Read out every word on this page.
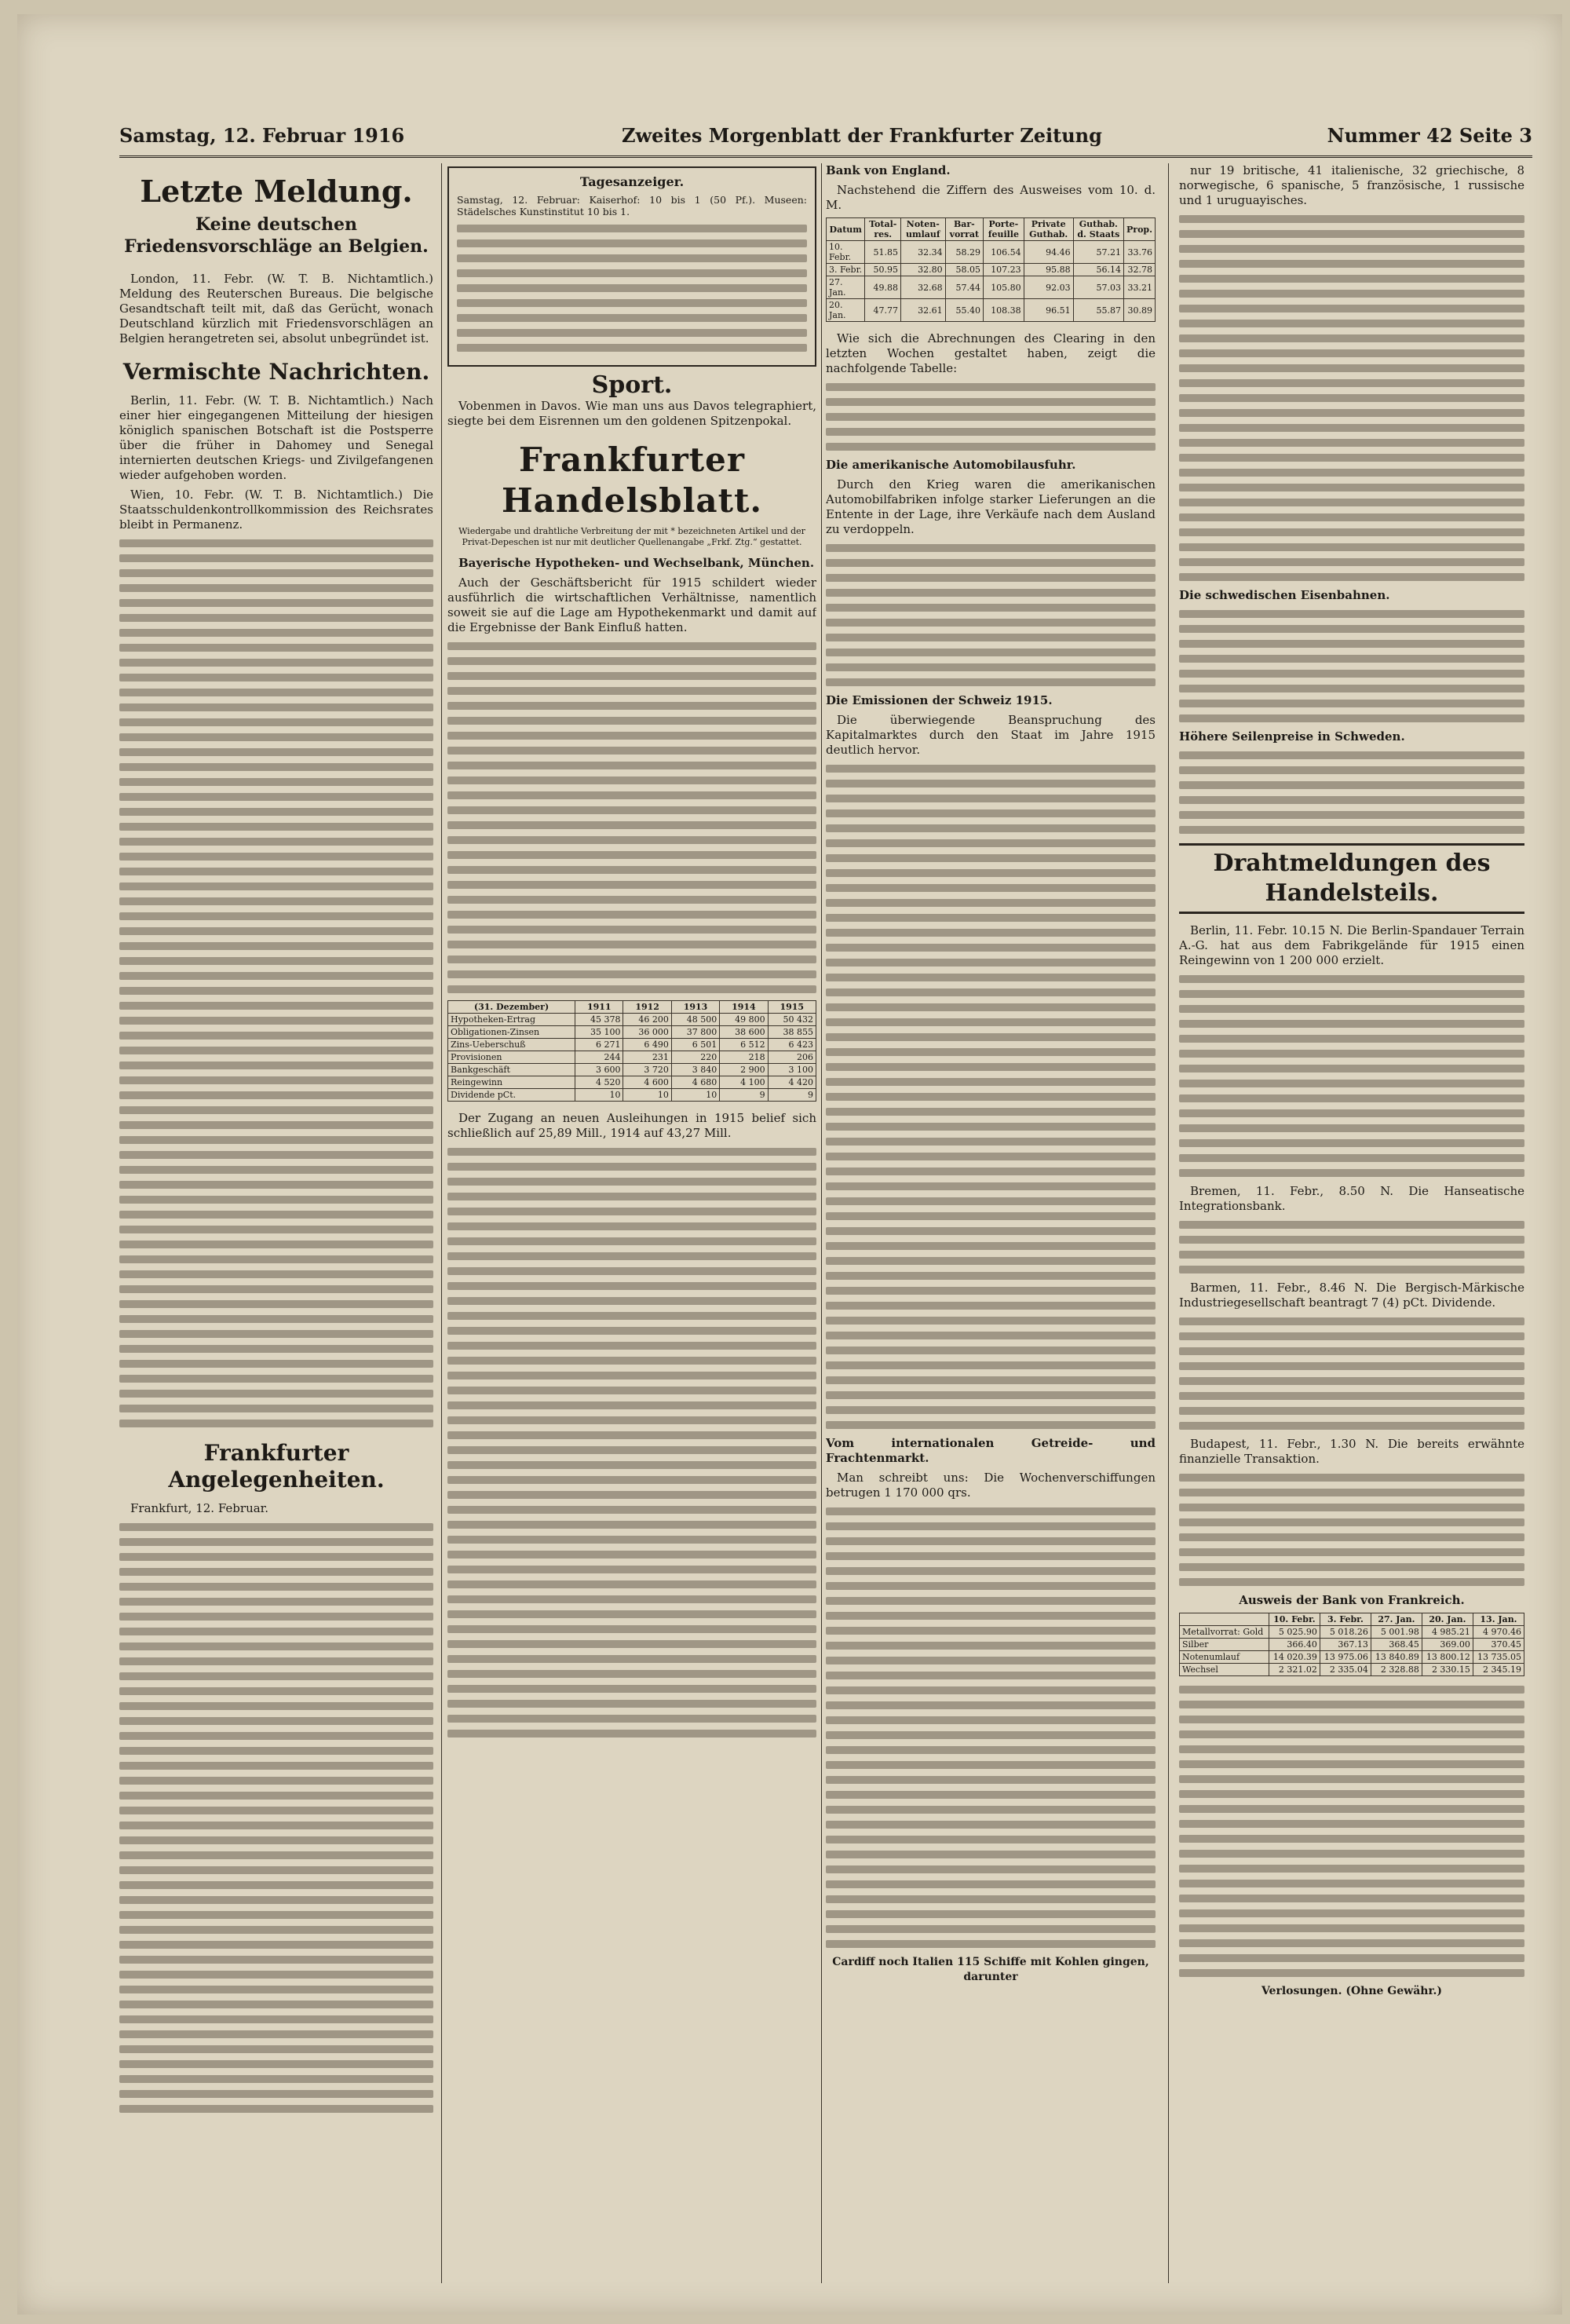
Samstag, 12. Februar 1916	Zweites Morgenblatt der Frankfurter Zeitung	Nummer 42 Seite 3
Letzte Meldung.
Keine deutschen Friedensvorschläge an Belgien.

London, 11. Febr. (W. T. B. Nichtamtlich.) Meldung des Reuterschen Bureaus. Die belgische Gesandtschaft teilt mit, daß das Gerücht, wonach Deutschland kürzlich mit Friedensvorschlägen an Belgien herangetreten sei, absolut unbegründet ist.

Vermischte Nachrichten.

Berlin, 11. Febr. (W. T. B. Nichtamtlich.) Nach einer hier eingegangenen Mitteilung der hiesigen königlich spanischen Botschaft ist die Postsperre über die früher in Dahomey und Senegal internierten deutschen Kriegs- und Zivilgefangenen wieder aufgehoben worden.

Wien, 10. Febr. (W. T. B. Nichtamtlich.) Die Staatsschuldenkontrollkommission des Reichsrates bleibt in Permanenz.

Frankfurter Angelegenheiten.

Frankfurt, 12. Februar.

Tagesanzeiger.

Samstag, 12. Februar: Kaiserhof: 10 bis 1 (50 Pf.). Museen: Städelsches Kunstinstitut 10 bis 1.

Sport.

Vobenmen in Davos. Wie man uns aus Davos telegraphiert, siegte bei dem Eisrennen um den goldenen Spitzenpokal.

Frankfurter Handelsblatt.
Wiedergabe und drahtliche Verbreitung der mit * bezeichneten Artikel und der Privat-Depeschen ist nur mit deutlicher Quellenangabe „Frkf. Ztg.“ gestattet.

Bayerische Hypotheken- und Wechselbank, München.

Auch der Geschäftsbericht für 1915 schildert wieder ausführlich die wirtschaftlichen Verhältnisse, namentlich soweit sie auf die Lage am Hypothekenmarkt und damit auf die Ergebnisse der Bank Einfluß hatten.

(31. Dezember)	1911	1912	1913	1914	1915
Hypotheken-Ertrag	45 378	46 200	48 500	49 800	50 432
Obligationen-Zinsen	35 100	36 000	37 800	38 600	38 855
Zins-Ueberschuß	6 271	6 490	6 501	6 512	6 423
Provisionen	244	231	220	218	206
Bankgeschäft	3 600	3 720	3 840	2 900	3 100
Reingewinn	4 520	4 600	4 680	4 100	4 420
Dividende pCt.	10	10	10	9	9

Der Zugang an neuen Ausleihungen in 1915 belief sich schließlich auf 25,89 Mill., 1914 auf 43,27 Mill.

Bank von England.

Nachstehend die Ziffern des Ausweises vom 10. d. M.

Datum	Total-res.	Noten-umlauf	Bar-vorrat	Porte-feuille	Private Guthab.	Guthab. d. Staats	Prop.
10. Febr.	51.85	32.34	58.29	106.54	94.46	57.21	33.76
3. Febr.	50.95	32.80	58.05	107.23	95.88	56.14	32.78
27. Jan.	49.88	32.68	57.44	105.80	92.03	57.03	33.21
20. Jan.	47.77	32.61	55.40	108.38	96.51	55.87	30.89

Wie sich die Abrechnungen des Clearing in den letzten Wochen gestaltet haben, zeigt die nachfolgende Tabelle:

Die amerikanische Automobilausfuhr.

Durch den Krieg waren die amerikanischen Automobilfabriken infolge starker Lieferungen an die Entente in der Lage, ihre Verkäufe nach dem Ausland zu verdoppeln.

Die Emissionen der Schweiz 1915.

Die überwiegende Beanspruchung des Kapitalmarktes durch den Staat im Jahre 1915 deutlich hervor.

Vom internationalen Getreide- und Frachtenmarkt.

Man schreibt uns: Die Wochenverschiffungen betrugen 1 170 000 qrs.

Cardiff noch Italien 115 Schiffe mit Kohlen gingen, darunter

nur 19 britische, 41 italienische, 32 griechische, 8 norwegische, 6 spanische, 5 französische, 1 russische und 1 uruguayisches.

Die schwedischen Eisenbahnen.

Höhere Seilenpreise in Schweden.

Drahtmeldungen des Handelsteils.

Berlin, 11. Febr. 10.15 N. Die Berlin-Spandauer Terrain A.-G. hat aus dem Fabrikgelände für 1915 einen Reingewinn von 1 200 000 erzielt.

Bremen, 11. Febr., 8.50 N. Die Hanseatische Integrationsbank.

Barmen, 11. Febr., 8.46 N. Die Bergisch-Märkische Industriegesellschaft beantragt 7 (4) pCt. Dividende.

Budapest, 11. Febr., 1.30 N. Die bereits erwähnte finanzielle Transaktion.

Ausweis der Bank von Frankreich.

	10. Febr.	3. Febr.	27. Jan.	20. Jan.	13. Jan.
Metallvorrat: Gold	5 025.90	5 018.26	5 001.98	4 985.21	4 970.46
Silber	366.40	367.13	368.45	369.00	370.45
Notenumlauf	14 020.39	13 975.06	13 840.89	13 800.12	13 735.05
Wechsel	2 321.02	2 335.04	2 328.88	2 330.15	2 345.19
Verlosungen. (Ohne Gewähr.)
